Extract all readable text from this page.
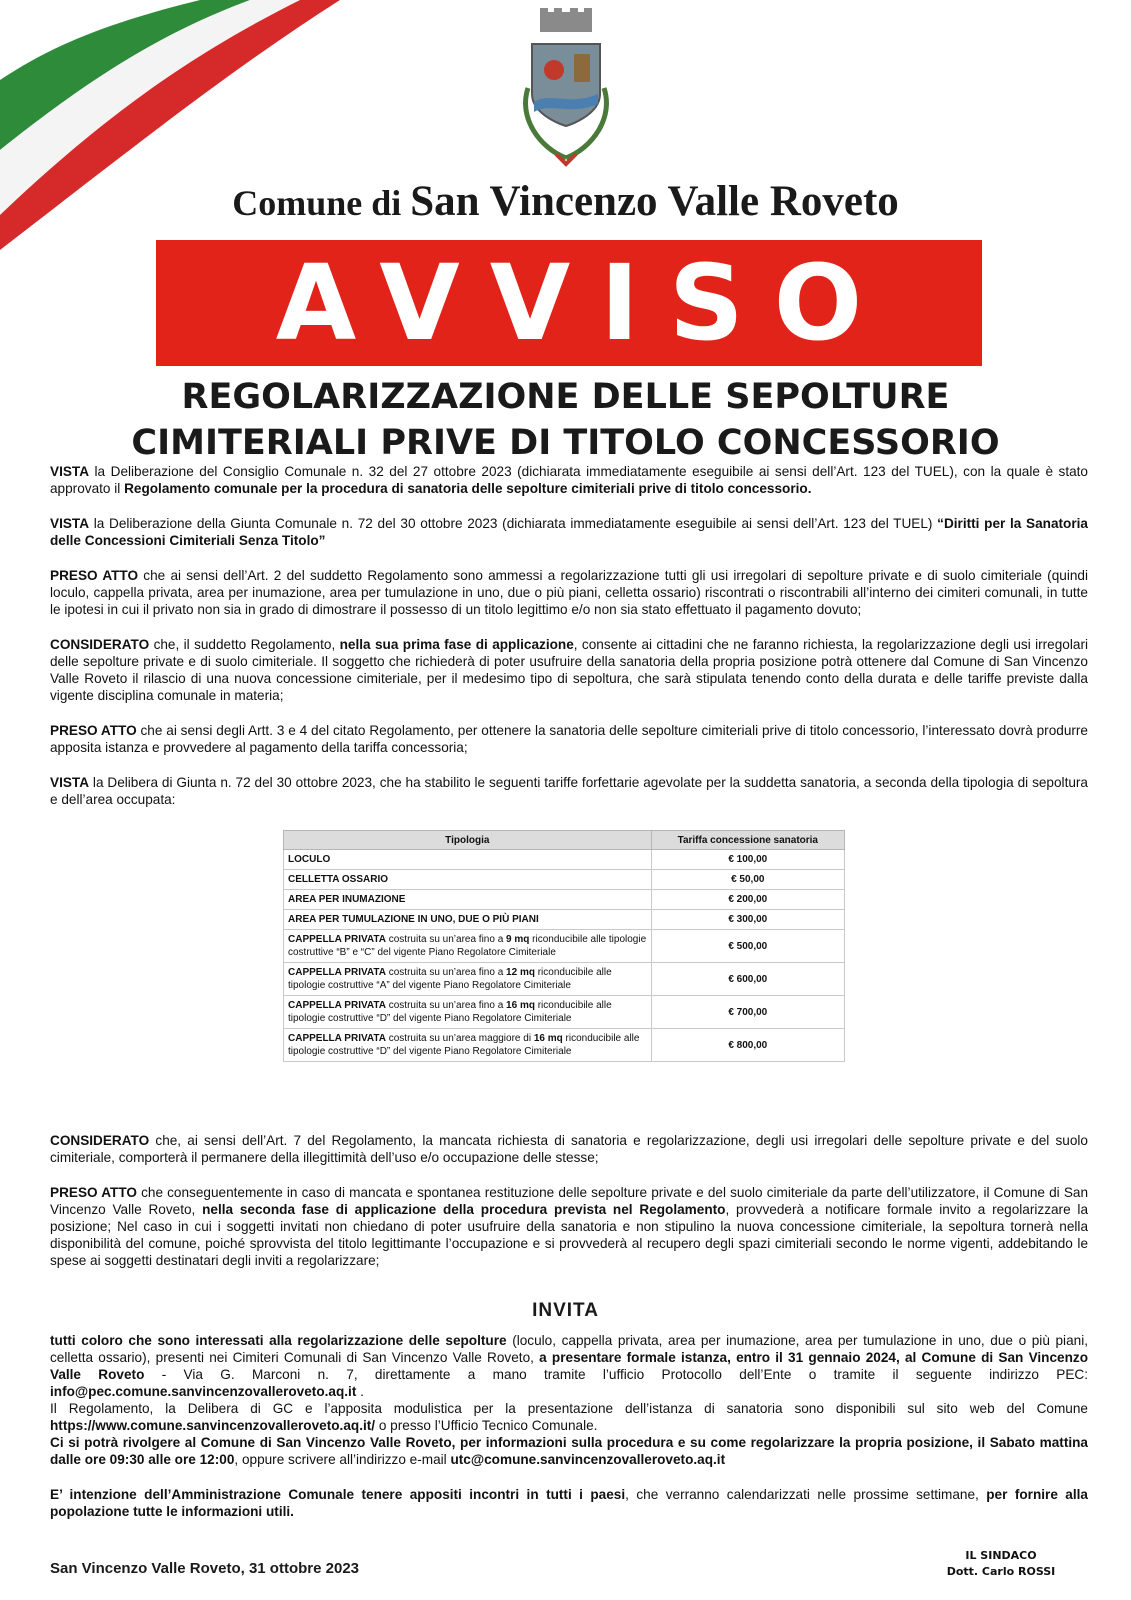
Comune di San Vincenzo Valle Roveto
AVVISO
REGOLARIZZAZIONE DELLE SEPOLTURE
CIMITERIALI PRIVE DI TITOLO CONCESSORIO

VISTA la Deliberazione del Consiglio Comunale n. 32 del 27 ottobre 2023 (dichiarata immediatamente eseguibile ai sensi dell’Art. 123 del TUEL), con la quale è stato approvato il Regolamento comunale per la procedura di sanatoria delle sepolture cimiteriali prive di titolo concessorio.

VISTA la Deliberazione della Giunta Comunale n. 72 del 30 ottobre 2023 (dichiarata immediatamente eseguibile ai sensi dell’Art. 123 del TUEL) “Diritti per la Sanatoria delle Concessioni Cimiteriali Senza Titolo”

PRESO ATTO che ai sensi dell’Art. 2 del suddetto Regolamento sono ammessi a regolarizzazione tutti gli usi irregolari di sepolture private e di suolo cimiteriale (quindi loculo, cappella privata, area per inumazione, area per tumulazione in uno, due o più piani, celletta ossario) riscontrati o riscontrabili all’interno dei cimiteri comunali, in tutte le ipotesi in cui il privato non sia in grado di dimostrare il possesso di un titolo legittimo e/o non sia stato effettuato il pagamento dovuto;

CONSIDERATO che, il suddetto Regolamento, nella sua prima fase di applicazione, consente ai cittadini che ne faranno richiesta, la regolarizzazione degli usi irregolari delle sepolture private e di suolo cimiteriale. Il soggetto che richiederà di poter usufruire della sanatoria della propria posizione potrà ottenere dal Comune di San Vincenzo Valle Roveto il rilascio di una nuova concessione cimiteriale, per il medesimo tipo di sepoltura, che sarà stipulata tenendo conto della durata e delle tariffe previste dalla vigente disciplina comunale in materia;

PRESO ATTO che ai sensi degli Artt. 3 e 4 del citato Regolamento, per ottenere la sanatoria delle sepolture cimiteriali prive di titolo concessorio, l’interessato dovrà produrre apposita istanza e provvedere al pagamento della tariffa concessoria;

VISTA la Delibera di Giunta n. 72 del 30 ottobre 2023, che ha stabilito le seguenti tariffe forfettarie agevolate per la suddetta sanatoria, a seconda della tipologia di sepoltura e dell’area occupata:

Tipologia	Tariffa concessione sanatoria
LOCULO	€ 100,00
CELLETTA OSSARIO	€ 50,00
AREA PER INUMAZIONE	€ 200,00
AREA PER TUMULAZIONE IN UNO, DUE O PIÙ PIANI	€ 300,00
CAPPELLA PRIVATA costruita su un’area fino a 9 mq riconducibile alle tipologie costruttive “B” e “C” del vigente Piano Regolatore Cimiteriale	€ 500,00
CAPPELLA PRIVATA costruita su un’area fino a 12 mq riconducibile alle tipologie costruttive “A” del vigente Piano Regolatore Cimiteriale	€ 600,00
CAPPELLA PRIVATA costruita su un’area fino a 16 mq riconducibile alle tipologie costruttive “D” del vigente Piano Regolatore Cimiteriale	€ 700,00
CAPPELLA PRIVATA costruita su un’area maggiore di 16 mq riconducibile alle tipologie costruttive “D” del vigente Piano Regolatore Cimiteriale	€ 800,00

CONSIDERATO che, ai sensi dell’Art. 7 del Regolamento, la mancata richiesta di sanatoria e regolarizzazione, degli usi irregolari delle sepolture private e del suolo cimiteriale, comporterà il permanere della illegittimità dell’uso e/o occupazione delle stesse;

PRESO ATTO che conseguentemente in caso di mancata e spontanea restituzione delle sepolture private e del suolo cimiteriale da parte dell’utilizzatore, il Comune di San Vincenzo Valle Roveto, nella seconda fase di applicazione della procedura prevista nel Regolamento, provvederà a notificare formale invito a regolarizzare la posizione; Nel caso in cui i soggetti invitati non chiedano di poter usufruire della sanatoria e non stipulino la nuova concessione cimiteriale, la sepoltura tornerà nella disponibilità del comune, poiché sprovvista del titolo legittimante l’occupazione e si provvederà al recupero degli spazi cimiteriali secondo le norme vigenti, addebitando le spese ai soggetti destinatari degli inviti a regolarizzare;

INVITA

tutti coloro che sono interessati alla regolarizzazione delle sepolture (loculo, cappella privata, area per inumazione, area per tumulazione in uno, due o più piani, celletta ossario), presenti nei Cimiteri Comunali di San Vincenzo Valle Roveto, a presentare formale istanza, entro il 31 gennaio 2024, al Comune di San Vincenzo Valle Roveto - Via G. Marconi n. 7, direttamente a mano tramite l’ufficio Protocollo dell’Ente o tramite il seguente indirizzo PEC: info@pec.comune.sanvincenzovalleroveto.aq.it .

Il Regolamento, la Delibera di GC e l’apposita modulistica per la presentazione dell’istanza di sanatoria sono disponibili sul sito web del Comune https://www.comune.sanvincenzovalleroveto.aq.it/ o presso l’Ufficio Tecnico Comunale.

Ci si potrà rivolgere al Comune di San Vincenzo Valle Roveto, per informazioni sulla procedura e su come regolarizzare la propria posizione, il Sabato mattina dalle ore 09:30 alle ore 12:00, oppure scrivere all’indirizzo e-mail utc@comune.sanvincenzovalleroveto.aq.it

E’ intenzione dell’Amministrazione Comunale tenere appositi incontri in tutti i paesi, che verranno calendarizzati nelle prossime settimane, per fornire alla popolazione tutte le informazioni utili.

San Vincenzo Valle Roveto, 31 ottobre 2023
IL SINDACO
Dott. Carlo ROSSI
